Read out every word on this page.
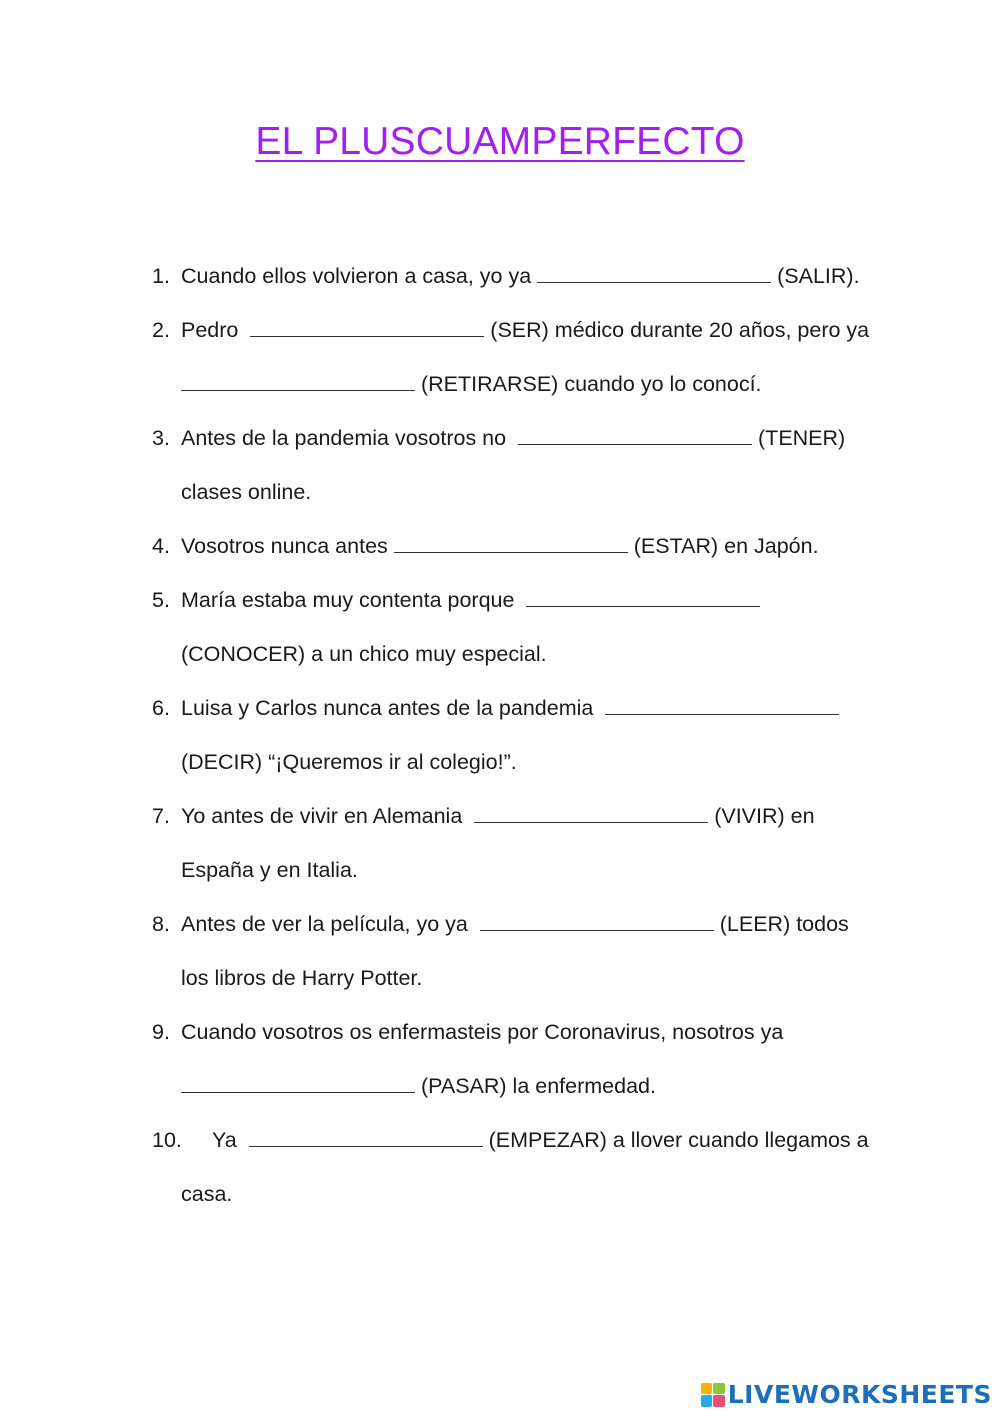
EL PLUSCUAMPERFECTO
1. Cuando ellos volvieron a casa, yo ya	(SALIR).
2. Pedro	(SER) médico durante 20 años, pero ya
(RETIRARSE) cuando yo lo conocí.
3. Antes de la pandemia vosotros no	(TENER)
clases online.
4. Vosotros nunca antes	(ESTAR) en Japón.
5. María estaba muy contenta porque
(CONOCER) a un chico muy especial.
6. Luisa y Carlos nunca antes de la pandemia
(DECIR) “¡Queremos ir al colegio!”.
7. Yo antes de vivir en Alemania	(VIVIR) en
España y en Italia.
8. Antes de ver la película, yo ya	(LEER) todos
los libros de Harry Potter.
9. Cuando vosotros os enfermasteis por Coronavirus, nosotros ya
(PASAR) la enfermedad.
10. Ya	(EMPEZAR) a llover cuando llegamos a
casa.
LIVEWORKSHEETS
